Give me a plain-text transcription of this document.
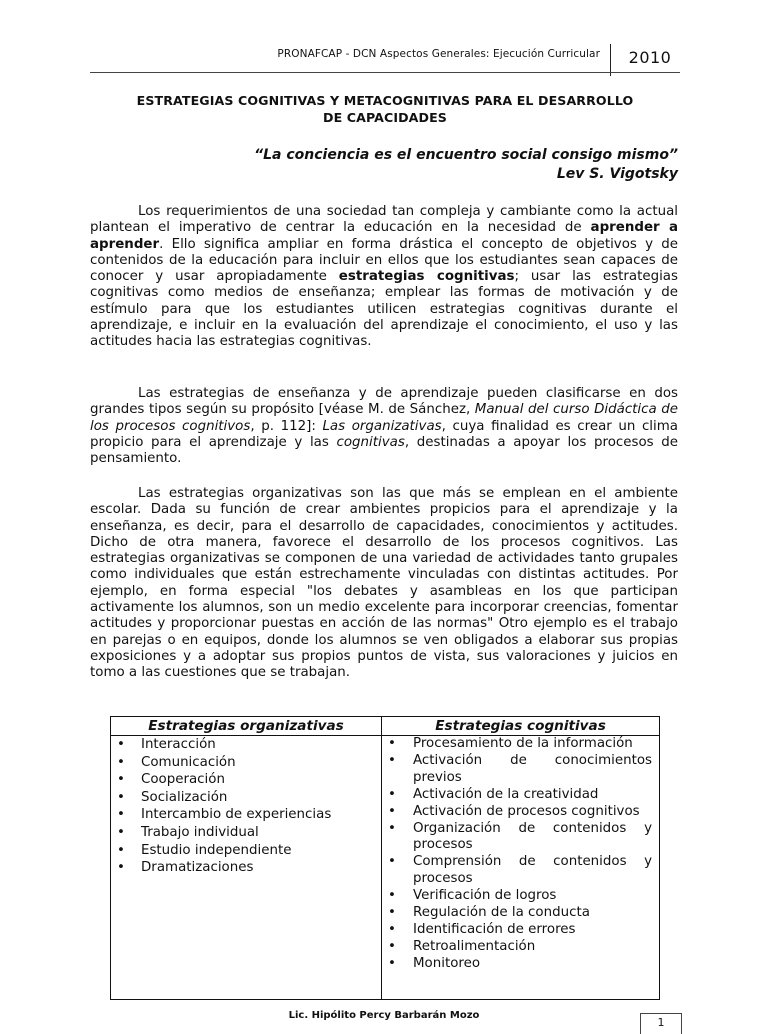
PRONAFCAP - DCN Aspectos Generales: Ejecución Curricular	2010
ESTRATEGIAS COGNITIVAS Y METACOGNITIVAS PARA EL DESARROLLO
DE CAPACIDADES
“La conciencia es el encuentro social consigo mismo”
Lev S. Vigotsky

Los requerimientos de una sociedad tan compleja y cambiante como la actual plantean el imperativo de centrar la educación en la necesidad de aprender a aprender. Ello significa ampliar en forma drástica el concepto de objetivos y de contenidos de la educación para incluir en ellos que los estudiantes sean capaces de conocer y usar apropiadamente estrategias cognitivas; usar las estrategias cognitivas como medios de enseñanza; emplear las formas de motivación y de estímulo para que los estudiantes utilicen estrategias cognitivas durante el aprendizaje, e incluir en la evaluación del aprendizaje el conocimiento, el uso y las actitudes hacia las estrategias cognitivas.

Las estrategias de enseñanza y de aprendizaje pueden clasificarse en dos grandes tipos según su propósito [véase M. de Sánchez, Manual del curso Didáctica de los procesos cognitivos, p. 112]: Las organizativas, cuya finalidad es crear un clima propicio para el aprendizaje y las cognitivas, destinadas a apoyar los procesos de pensamiento.

Las estrategias organizativas son las que más se emplean en el ambiente escolar. Dada su función de crear ambientes propicios para el aprendizaje y la enseñanza, es decir, para el desarrollo de capacidades, conocimientos y actitudes. Dicho de otra manera, favorece el desarrollo de los procesos cognitivos. Las estrategias organizativas se componen de una variedad de actividades tanto grupales como individuales que están estrechamente vinculadas con distintas actitudes. Por ejemplo, en forma especial "los debates y asambleas en los que participan activamente los alumnos, son un medio excelente para incorporar creencias, fomentar actitudes y proporcionar puestas en acción de las normas" Otro ejemplo es el trabajo en parejas o en equipos, donde los alumnos se ven obligados a elaborar sus propias exposiciones y a adoptar sus propios puntos de vista, sus valoraciones y juicios en tomo a las cuestiones que se trabajan.

Estrategias organizativas	Estrategias cognitivas
• Interacción
• Comunicación
• Cooperación
• Socialización
• Intercambio de experiencias
• Trabajo individual
• Estudio independiente
• Dramatizaciones
• Procesamiento de la información
• Activación de conocimientos previos
• Activación de la creatividad
• Activación de procesos cognitivos
• Organización de contenidos y procesos
• Comprensión de contenidos y procesos
• Verificación de logros
• Regulación de la conducta
• Identificación de errores
• Retroalimentación
• Monitoreo
Lic. Hipólito Percy Barbarán Mozo
1
